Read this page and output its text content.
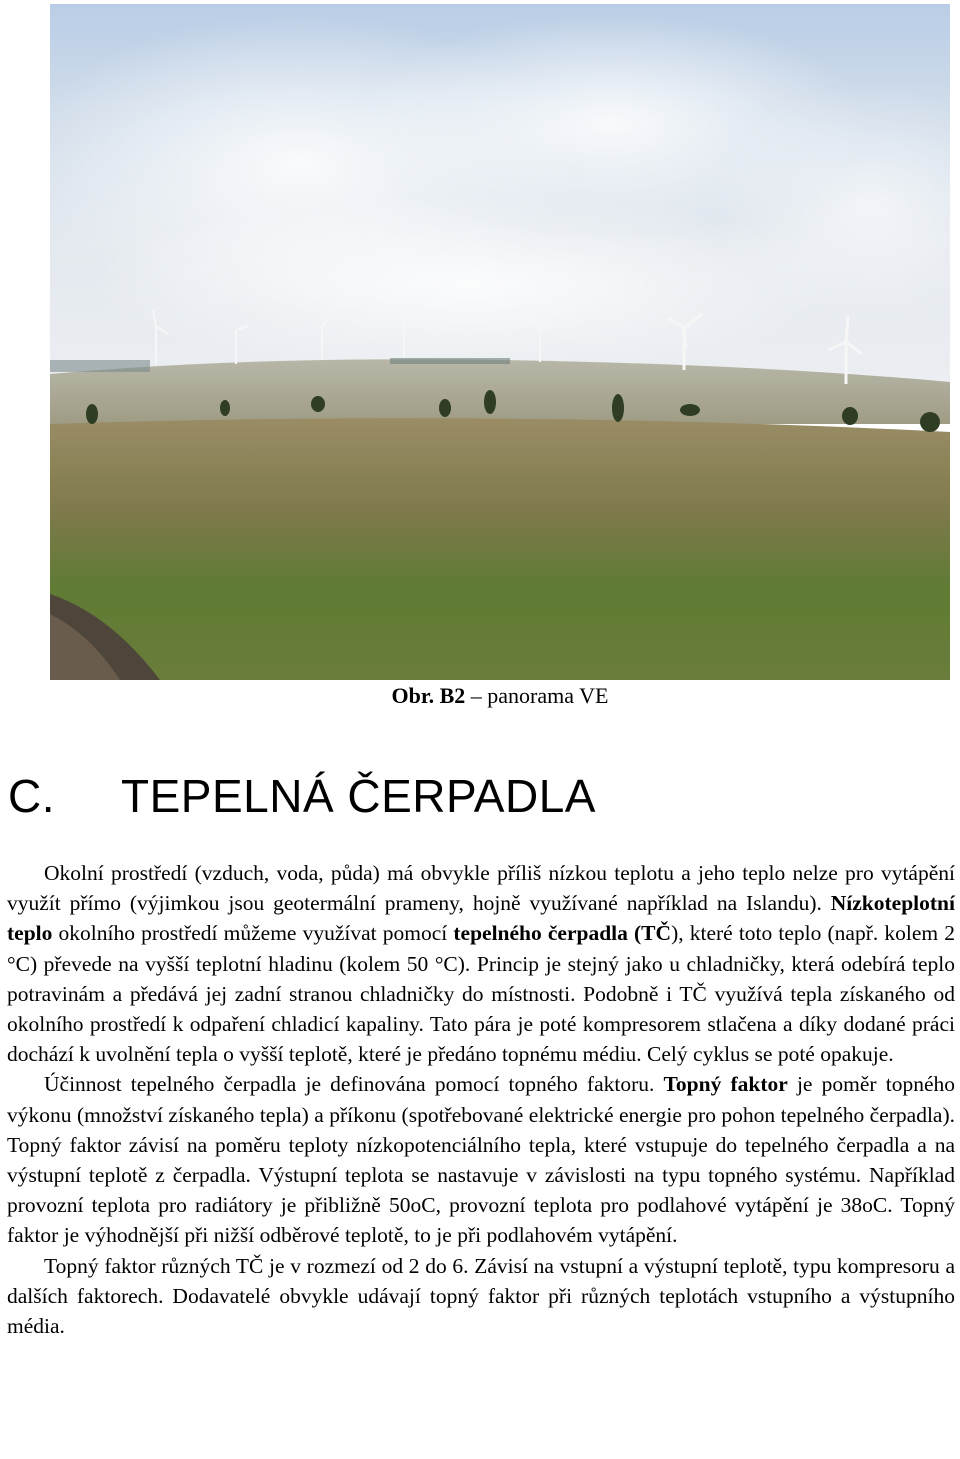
Obr. B2 – panorama VE
C. TEPELNÁ ČERPADLA

Okolní prostředí (vzduch, voda, půda) má obvykle příliš nízkou teplotu a jeho teplo nelze pro vytápění využít přímo (výjimkou jsou geotermální prameny, hojně využívané například na Islandu). Nízkoteplotní teplo okolního prostředí můžeme využívat pomocí tepelného čerpadla (TČ), které toto teplo (např. kolem 2 °C) převede na vyšší teplotní hladinu (kolem 50 °C). Princip je stejný jako u chladničky, která odebírá teplo potravinám a předává jej zadní stranou chladničky do místnosti. Podobně i TČ využívá tepla získaného od okolního prostředí k odpaření chladicí kapaliny. Tato pára je poté kompresorem stlačena a díky dodané práci dochází k uvolnění tepla o vyšší teplotě, které je předáno topnému médiu. Celý cyklus se poté opakuje.

Účinnost tepelného čerpadla je definována pomocí topného faktoru. Topný faktor je poměr topného výkonu (množství získaného tepla) a příkonu (spotřebované elektrické energie pro pohon tepelného čerpadla). Topný faktor závisí na poměru teploty nízkopotenciálního tepla, které vstupuje do tepelného čerpadla a na výstupní teplotě z čerpadla. Výstupní teplota se nastavuje v závislosti na typu topného systému. Například provozní teplota pro radiátory je přibližně 50oC, provozní teplota pro podlahové vytápění je 38oC. Topný faktor je výhodnější při nižší odběrové teplotě, to je při podlahovém vytápění.

Topný faktor různých TČ je v rozmezí od 2 do 6. Závisí na vstupní a výstupní teplotě, typu kompresoru a dalších faktorech. Dodavatelé obvykle udávají topný faktor při různých teplotách vstupního a výstupního média.
